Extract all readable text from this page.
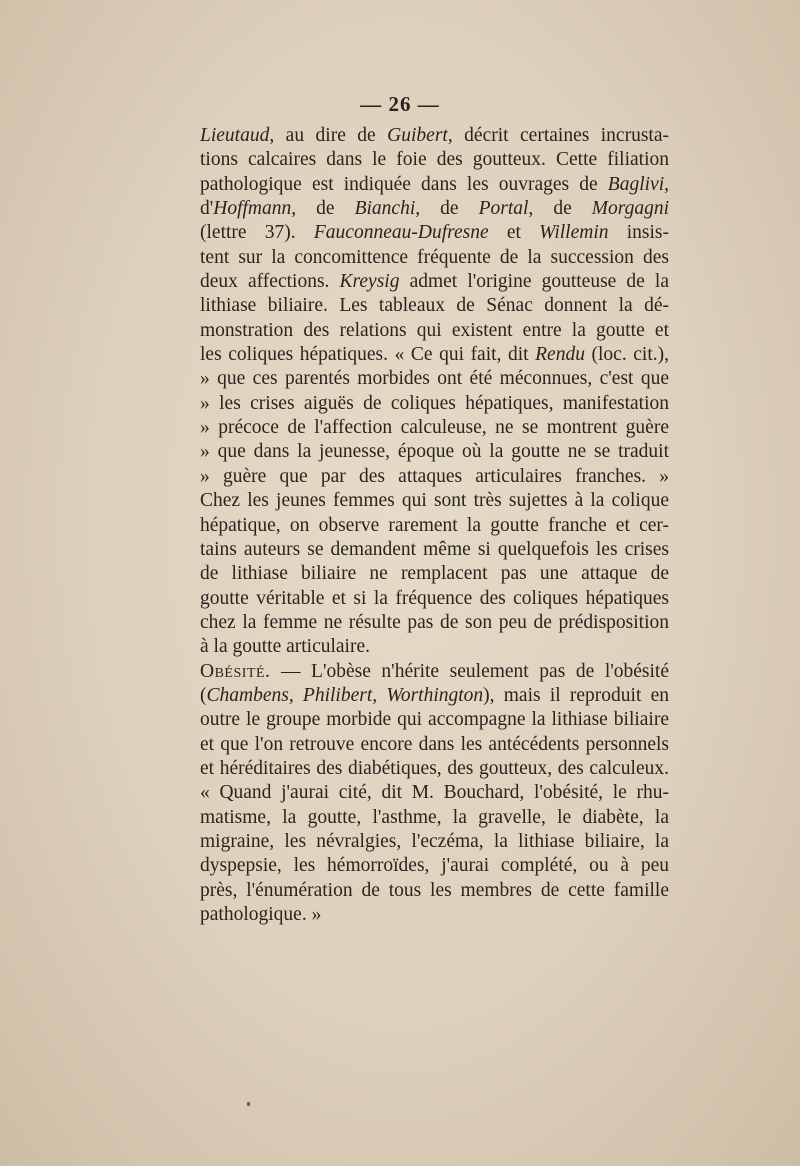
— 26 —
Lieutaud, au dire de Guibert, décrit certaines incrusta-
tions calcaires dans le foie des goutteux. Cette filiation
pathologique est indiquée dans les ouvrages de Baglivi,
d'Hoffmann, de Bianchi, de Portal, de Morgagni
(lettre 37). Fauconneau-Dufresne et Willemin insis-
tent sur la concomittence fréquente de la succession des
deux affections. Kreysig admet l'origine goutteuse de la
lithiase biliaire. Les tableaux de Sénac donnent la dé-
monstration des relations qui existent entre la goutte et
les coliques hépatiques. « Ce qui fait, dit Rendu (loc. cit.),
» que ces parentés morbides ont été méconnues, c'est que
» les crises aiguës de coliques hépatiques, manifestation
» précoce de l'affection calculeuse, ne se montrent guère
» que dans la jeunesse, époque où la goutte ne se traduit
» guère que par des attaques articulaires franches. »
Chez les jeunes femmes qui sont très sujettes à la colique
hépatique, on observe rarement la goutte franche et cer-
tains auteurs se demandent même si quelquefois les crises
de lithiase biliaire ne remplacent pas une attaque de
goutte véritable et si la fréquence des coliques hépatiques
chez la femme ne résulte pas de son peu de prédisposition
à la goutte articulaire.
Obésité. — L'obèse n'hérite seulement pas de l'obésité
(Chambens, Philibert, Worthington), mais il reproduit en
outre le groupe morbide qui accompagne la lithiase biliaire
et que l'on retrouve encore dans les antécédents personnels
et héréditaires des diabétiques, des goutteux, des calculeux.
« Quand j'aurai cité, dit M. Bouchard, l'obésité, le rhu-
matisme, la goutte, l'asthme, la gravelle, le diabète, la
migraine, les névralgies, l'eczéma, la lithiase biliaire, la
dyspepsie, les hémorroïdes, j'aurai complété, ou à peu
près, l'énumération de tous les membres de cette famille
pathologique. »
